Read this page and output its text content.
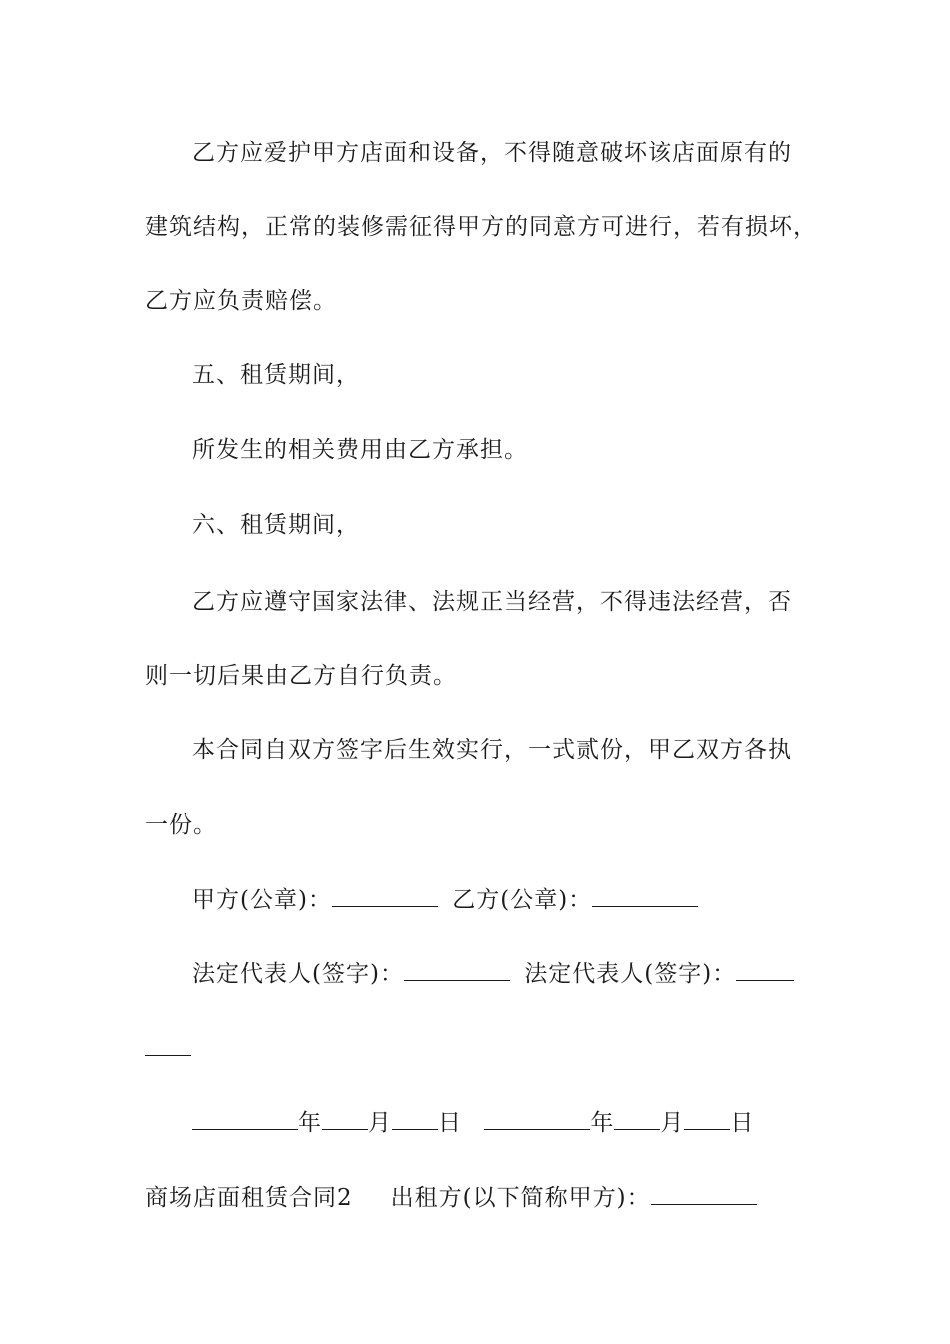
乙方应爱护甲方店面和设备，不得随意破坏该店面原有的

建筑结构，正常的装修需征得甲方的同意方可进行，若有损坏，

乙方应负责赔偿。

五、租赁期间，

所发生的相关费用由乙方承担。

六、租赁期间，

乙方应遵守国家法律、法规正当经营，不得违法经营，否

则一切后果由乙方自行负责。

本合同自双方签字后生效实行，一式贰份，甲乙双方各执

一份。

甲方(公章)：	乙方(公章)：

法定代表人(签字)：	法定代表人(签字)：

年 月 日	年 月 日

商场店面租赁合同2 出租方(以下简称甲方)：
